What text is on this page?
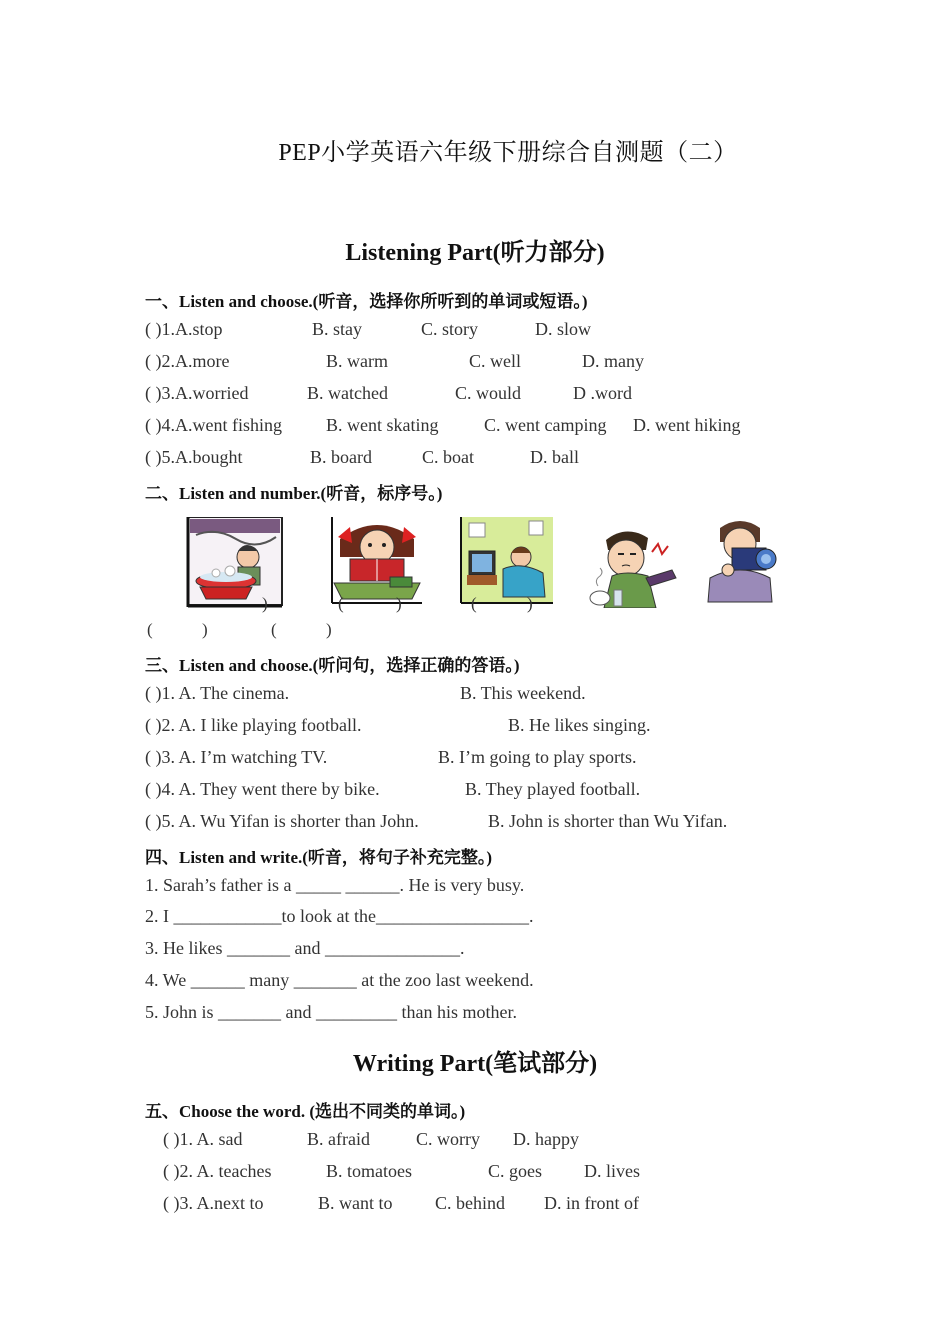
PEP小学英语六年级下册综合自测题（二）
Listening Part(听力部分)
一、Listen and choose.(听音，选择你所听到的单词或短语。)
( )1.A.stop	B. stay	C. story	D. slow
( )2.A.more	B. warm	C. well	D. many
( )3.A.worried	B. watched	C. would	D .word
( )4.A.went fishing B. went skating	C. went camping D. went hiking
( )5.A.bought	B. board	C. boat	D. ball
二、Listen and number.(听音，标序号。)
)	(	)	(	)
(	)	(	)
三、Listen and choose.(听问句，选择正确的答语。)
( )1. A. The cinema.	B. This weekend.
( )2. A. I like playing football.	B. He likes singing.
( )3. A. I’m watching TV.	B. I’m going to play sports.
( )4. A. They went there by bike.	B. They played football.
( )5. A. Wu Yifan is shorter than John.	B. John is shorter than Wu Yifan.
四、Listen and write.(听音，将句子补充完整。)
1. Sarah’s father is a _____ ______. He is very busy.
2. I ____________to look at the_________________.
3. He likes _______ and _______________.
4. We ______ many _______ at the zoo last weekend.
5. John is _______ and _________ than his mother.
Writing Part(笔试部分)
五、Choose the word. (选出不同类的单词。)
( )1. A. sad	B. afraid	C. worry D. happy
( )2. A. teaches	B. tomatoes	C. goes D. lives
( )3. A.next to	B. want to C. behind D. in front of
